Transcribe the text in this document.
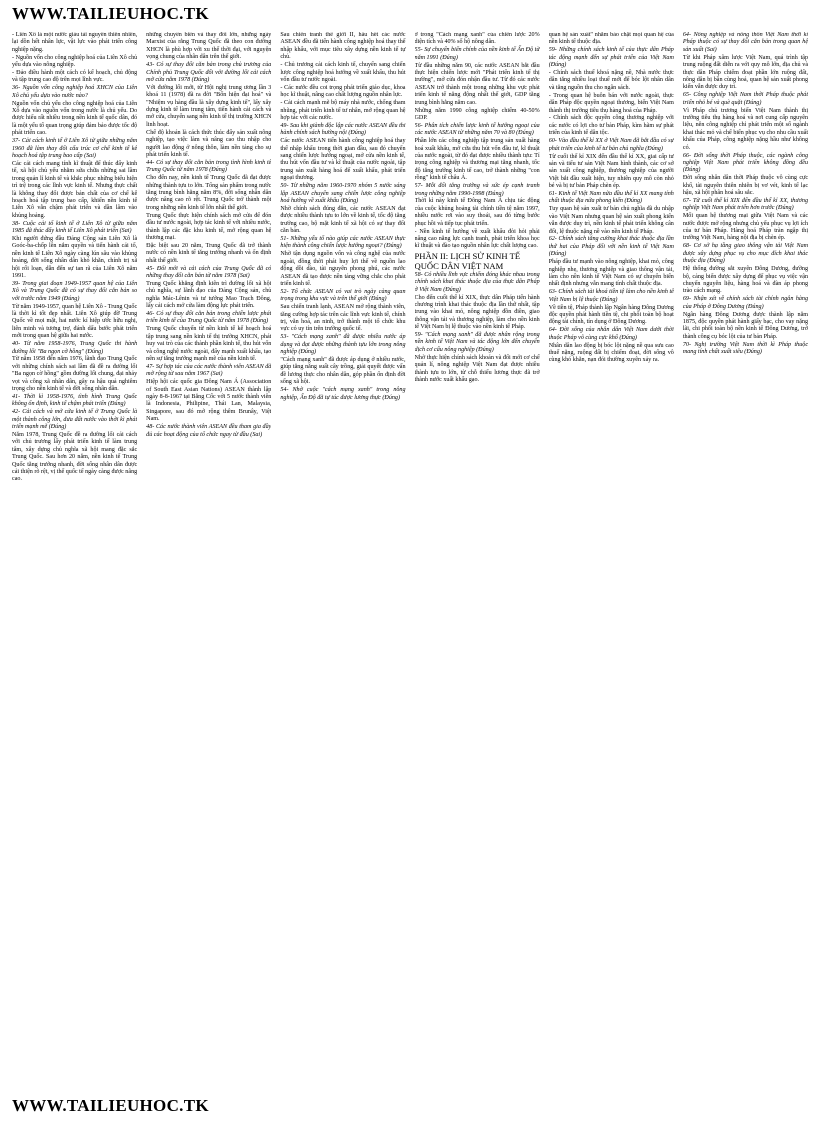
WWW.TAILIEUHOC.TK

- Liên Xô là một nước giàu tài nguyên thiên nhiên, lại dồn hết nhân lực, vật lực vào phát triển công nghiệp nặng.

- Nguồn vốn cho công nghiệp hoá của Liên Xô chủ yếu dựa vào nông nghiệp.

- Đảo điều hành một cách có kế hoạch, chủ động và tập trung cao độ trên mọi lĩnh vực.

36- Nguồn vốn công nghiệp hoá XHCN của Liên Xô chủ yếu dựa vào nước nào?

Nguồn vốn chủ yếu cho công nghiệp hoá của Liên Xô dựa vào nguồn vốn trong nước là chủ yếu. Do được hiểu rất nhiều trong nền kinh tế quốc dân, đó là một yếu tố quan trọng giúp đảm bảo được tốc độ phát triển cao.

37- Cải cách kinh tế ở Liên Xô từ giữa những năm 1960 đã làm thay đổi cấu trúc cơ chế kinh tế kế hoạch hoá tập trung bao cấp (Sai)

Các cải cách mang tính kĩ thuật để thúc đẩy kinh tế, xã hội chủ yếu nhằm sửa chữa những sai lầm trong quản lí kinh tế và khắc phục những biểu hiện trì trệ trong các lĩnh vực kinh tế. Nhưng thực chất là không thay đổi được bản chất của cơ chế kế hoạch hoá tập trung bao cấp, khiến nền kinh tế Liên Xô vẫn chậm phát triển và dần lâm vào khủng hoảng.

38- Cuộc cải tổ kinh tế ở Liên Xô từ giữa năm 1985 đã thúc đẩy kinh tế Liên Xô phát triển (Sai)

Khi người đứng đầu Đảng Cộng sản Liên Xô là Goóc-ba-chốp lên nắm quyền và tiến hành cải tổ, nền kinh tế Liên Xô ngày càng lún sâu vào khủng hoảng, đời sống nhân dân khó khăn, chính trị xã hội rối loạn, dẫn đến sự tan rã của Liên Xô năm 1991.

39- Trong giai đoạn 1949-1957 quan hệ của Liên Xô và Trung Quốc đã có sự thay đổi căn bản so với trước năm 1949 (Đúng)

Từ năm 1949-1957, quan hệ Liên Xô - Trung Quốc là thời kì tốt đẹp nhất. Liên Xô giúp đỡ Trung Quốc về mọi mặt, hai nước kí hiệp ước hữu nghị, liên minh và tương trợ, đánh dấu bước phát triển mới trong quan hệ giữa hai nước.

40- Từ năm 1958-1976, Trung Quốc thi hành đường lối "Ba ngọn cờ hồng" (Đúng)

Từ năm 1958 đến năm 1976, lãnh đạo Trung Quốc với những chính sách sai lầm đã đề ra đường lối "Ba ngọn cờ hồng" gồm đường lối chung, đại nhảy vọt và công xã nhân dân, gây ra hậu quả nghiêm trọng cho nền kinh tế và đời sống nhân dân.

41- Thời kì 1958-1976, tình hình Trung Quốc không ổn định, kinh tế chậm phát triển (Đúng)

42- Cải cách và mở cửa kinh tế ở Trung Quốc là một thành công lớn, đưa đất nước vào thời kì phát triển mạnh mẽ (Đúng)

Năm 1978, Trung Quốc đề ra đường lối cải cách với chủ trương lấy phát triển kinh tế làm trung tâm, xây dựng chủ nghĩa xã hội mang đặc sắc Trung Quốc. Sau hơn 20 năm, nền kinh tế Trung Quốc tăng trưởng nhanh, đời sống nhân dân được cải thiện rõ rệt, vị thế quốc tế ngày càng được nâng cao.

những chuyển biến và thay đổi lớn, những ngày Marxist của rằng Trung Quốc đã theo con đường XHCN là phù hợp với xu thế thời đại, với nguyện vọng chung của nhân dân trên thế giới.

43- Có sự thay đổi căn bản trong chủ trương của Chính phủ Trung Quốc đối với đường lối cải cách mở cửa năm 1978 (Đúng)

Với đường lối mới, từ Hội nghị trung ương lần 3 khoá 11 (1978) đã ra đời "Bốn hiện đại hoá" và "Nhiệm vụ hàng đầu là xây dựng kinh tế", lấy xây dựng kinh tế làm trung tâm, tiến hành cải cách và mở cửa, chuyển sang nền kinh tế thị trường XHCN linh hoạt.

Chế độ khoán là cách thức thúc đẩy sản xuất nông nghiệp, tạo việc làm và nâng cao thu nhập cho người lao động ở nông thôn, làm nền tảng cho sự phát triển kinh tế.

44- Có sự thay đổi căn bản trong tình hình kinh tế Trung Quốc từ năm 1978 (Đúng)

Cho đến nay, nền kinh tế Trung Quốc đã đạt được những thành tựu to lớn. Tổng sản phẩm trong nước tăng trung bình hằng năm 8%, đời sống nhân dân được nâng cao rõ rệt. Trung Quốc trở thành một trong những nền kinh tế lớn nhất thế giới.

Trung Quốc thực hiện chính sách mở cửa để đón đầu tư nước ngoài, hợp tác kinh tế với nhiều nước, thành lập các đặc khu kinh tế, mở rộng quan hệ thương mại.

Đặc biệt sau 20 năm, Trung Quốc đã trở thành nước có nền kinh tế tăng trưởng nhanh và ổn định nhất thế giới.

45- Đổi mới và cải cách của Trung Quốc đã có những thay đổi căn bản từ năm 1978 (Sai)

Trung Quốc khẳng định kiên trì đường lối xã hội chủ nghĩa, sự lãnh đạo của Đảng Cộng sản, chủ nghĩa Mác-Lênin và tư tưởng Mao Trạch Đông, lấy cải cách mở cửa làm động lực phát triển.

46- Có sự thay đổi căn bản trong chiến lược phát triển kinh tế của Trung Quốc từ năm 1978 (Đúng)

Trung Quốc chuyển từ nền kinh tế kế hoạch hoá tập trung sang nền kinh tế thị trường XHCN, phát huy vai trò của các thành phần kinh tế, thu hút vốn và công nghệ nước ngoài, đẩy mạnh xuất khẩu, tạo nên sự tăng trưởng mạnh mẽ của nền kinh tế.

47- Sự hợp tác của các nước thành viên ASEAN đã mở rộng từ sau năm 1967 (Sai)

Hiệp hội các quốc gia Đông Nam Á (Association of South East Asian Nations) ASEAN thành lập ngày 8-8-1967 tại Băng Cốc với 5 nước thành viên là Indonesia, Philipine, Thái Lan, Malaysia, Singapore, sau đó mở rộng thêm Brunây, Việt Nam.

48- Các nước thành viên ASEAN đều tham gia đầy đủ các hoạt động của tổ chức ngay từ đầu (Sai)

Sau chiến tranh thế giới II, hầu hết các nước ASEAN đều đã tiến hành công nghiệp hoá thay thế nhập khẩu, với mục tiêu xây dựng nền kinh tế tự chủ.

- Chủ trương cải cách kinh tế, chuyển sang chiến lược công nghiệp hoá hướng về xuất khẩu, thu hút vốn đầu tư nước ngoài.

- Các nước đều coi trọng phát triển giáo dục, khoa học kĩ thuật, nâng cao chất lượng nguồn nhân lực.

- Cải cách mạnh mẽ bộ máy nhà nước, chống tham nhũng, phát triển kinh tế tư nhân, mở rộng quan hệ hợp tác với các nước.

49- Sau khi giành độc lập các nước ASEAN đều thi hành chính sách hướng nội (Đúng)

Các nước ASEAN tiến hành công nghiệp hoá thay thế nhập khẩu trong thời gian đầu, sau đó chuyển sang chiến lược hướng ngoại, mở cửa nền kinh tế, thu hút vốn đầu tư và kĩ thuật của nước ngoài, tập trung sản xuất hàng hoá để xuất khẩu, phát triển ngoại thương.

50- Từ những năm 1960-1970 nhóm 5 nước sáng lập ASEAN chuyển sang chiến lược công nghiệp hoá hướng về xuất khẩu (Đúng)

Nhờ chính sách đúng đắn, các nước ASEAN đạt được nhiều thành tựu to lớn về kinh tế, tốc độ tăng trưởng cao, bộ mặt kinh tế xã hội có sự thay đổi căn bản.

51- Những yếu tố nào giúp các nước ASEAN thực hiện thành công chiến lược hướng ngoại? (Đúng)

Nhờ tận dụng nguồn vốn và công nghệ của nước ngoài, đồng thời phát huy lợi thế về nguồn lao động dồi dào, tài nguyên phong phú, các nước ASEAN đã tạo được nền tảng vững chắc cho phát triển kinh tế.

52- Tổ chức ASEAN có vai trò ngày càng quan trọng trong khu vực và trên thế giới (Đúng)

Sau chiến tranh lạnh, ASEAN mở rộng thành viên, tăng cường hợp tác trên các lĩnh vực kinh tế, chính trị, văn hoá, an ninh, trở thành một tổ chức khu vực có uy tín trên trường quốc tế.

53- "Cách mạng xanh" đã được nhiều nước áp dụng và đạt được những thành tựu lớn trong nông nghiệp (Đúng)

"Cách mạng xanh" đã được áp dụng ở nhiều nước, giúp tăng năng suất cây trồng, giải quyết được vấn đề lương thực cho nhân dân, góp phần ổn định đời sống xã hội.

54- Nhờ cuộc "cách mạng xanh" trong nông nghiệp, Ấn Độ đã tự túc được lương thực (Đúng)

ở trong "Cách mạng xanh" của chiến lược 20% diện tích và 40% số hộ nông dân.

55- Sự chuyển biến chính của nền kinh tế Ấn Độ từ năm 1991 (Đúng)

Từ đầu những năm 90, các nước ASEAN bắt đầu thực hiện chiến lược mới "Phát triển kinh tế thị trường", mở cửa đón nhận đầu tư. Từ đó các nước ASEAN trở thành một trong những khu vực phát triển kinh tế năng động nhất thế giới, GDP tăng trung bình hằng năm cao.

Những năm 1990 công nghiệp chiếm 40-50% GDP.

56- Phân tích chiến lược kinh tế hướng ngoại của các nước ASEAN từ những năm 70 và 80 (Đúng)

Phần lớn các công nghiệp tập trung sản xuất hàng hoá xuất khẩu, mở cửa thu hút vốn đầu tư, kĩ thuật của nước ngoài, từ đó đạt được nhiều thành tựu: Tỉ trọng công nghiệp và thương mại tăng nhanh, tốc độ tăng trưởng kinh tế cao, trở thành những "con rồng" kinh tế châu Á.

57- Mỗi đổi tăng trưởng và sức ép cạnh tranh trong những năm 1990-1998 (Đúng)

Thời kì này kinh tế Đông Nam Á chịu tác động của cuộc khủng hoảng tài chính tiền tệ năm 1997, nhiều nước rơi vào suy thoái, sau đó từng bước phục hồi và tiếp tục phát triển.

- Nền kinh tế hướng về xuất khẩu đòi hỏi phải nâng cao năng lực cạnh tranh, phát triển khoa học kĩ thuật và đào tạo nguồn nhân lực chất lượng cao.

PHẦN II: LỊCH SỬ KINH TẾ QUỐC DÂN VIỆT NAM

58- Có nhiều lĩnh vực chiếm đóng khác nhau trong chính sách khai thác thuộc địa của thực dân Pháp ở Việt Nam (Đúng)

Cho đến cuối thế kỉ XIX, thực dân Pháp tiến hành chương trình khai thác thuộc địa lần thứ nhất, tập trung vào khai mỏ, nông nghiệp đồn điền, giao thông vận tải và thương nghiệp, làm cho nền kinh tế Việt Nam bị lệ thuộc vào nền kinh tế Pháp.

59- "Cách mạng xanh" đã được nhân rộng trong nền kinh tế Việt Nam và tác động lớn đến chuyển dịch cơ cấu nông nghiệp (Đúng)

Nhờ thực hiện chính sách khoán và đổi mới cơ chế quản lí, nông nghiệp Việt Nam đạt được nhiều thành tựu to lớn, từ chỗ thiếu lương thực đã trở thành nước xuất khẩu gạo.

quan hệ sản xuất" nhằm bảo chặt mọi quan hệ của nền kinh tế thuộc địa.

59- Những chính sách kinh tế của thực dân Pháp tác động mạnh đến sự phát triển của Việt Nam (Đúng)

- Chính sách thuế khoá nặng nề, Nhà nước thực dân tăng nhiều loại thuế mới để bóc lột nhân dân và tăng nguồn thu cho ngân sách.

- Trong quan hệ buôn bán với nước ngoài, thực dân Pháp độc quyền ngoại thương, biến Việt Nam thành thị trường tiêu thụ hàng hoá của Pháp.

- Chính sách độc quyền công thương nghiệp với các nước có lợi cho tư bản Pháp, kìm hãm sự phát triển của kinh tế dân tộc.

60- Vào đầu thế kỉ XX ở Việt Nam đã bắt đầu có sự phát triển của kinh tế tư bản chủ nghĩa (Đúng)

Từ cuối thế kỉ XIX đến đầu thế kỉ XX, giai cấp tư sản và tiểu tư sản Việt Nam hình thành, các cơ sở sản xuất công nghiệp, thương nghiệp của người Việt bắt đầu xuất hiện, tuy nhiên quy mô còn nhỏ bé và bị tư bản Pháp chèn ép.

61- Kinh tế Việt Nam nửa đầu thế kỉ XX mang tính chất thuộc địa nửa phong kiến (Đúng)

Tuy quan hệ sản xuất tư bản chủ nghĩa đã du nhập vào Việt Nam nhưng quan hệ sản xuất phong kiến vẫn được duy trì, nền kinh tế phát triển không cân đối, lệ thuộc nặng nề vào nền kinh tế Pháp.

62- Chính sách tăng cường khai thác thuộc địa lần thứ hai của Pháp đối với nền kinh tế Việt Nam (Đúng)

Pháp đầu tư mạnh vào nông nghiệp, khai mỏ, công nghiệp nhẹ, thương nghiệp và giao thông vận tải, làm cho nền kinh tế Việt Nam có sự chuyển biến nhất định nhưng vẫn mang tính chất thuộc địa.

63- Chính sách tài khoá tiền tệ làm cho nền kinh tế Việt Nam bị lệ thuộc (Đúng)

Về tiền tệ, Pháp thành lập Ngân hàng Đông Dương độc quyền phát hành tiền tệ, chi phối toàn bộ hoạt động tài chính, tín dụng ở Đông Dương.

64- Đời sống của nhân dân Việt Nam dưới thời thuộc Pháp vô cùng cực khổ (Đúng)

Nhân dân lao động bị bóc lột nặng nề qua sưu cao thuế nặng, ruộng đất bị chiếm đoạt, đời sống vô cùng khó khăn, nạn đói thường xuyên xảy ra.

64- Nông nghiệp và nông thôn Việt Nam thời kì Pháp thuộc có sự thay đổi căn bản trong quan hệ sản xuất (Sai)

Từ khi Pháp xâm lược Việt Nam, quá trình tập trung ruộng đất diễn ra với quy mô lớn, địa chủ và thực dân Pháp chiếm đoạt phần lớn ruộng đất, nông dân bị bần cùng hoá, quan hệ sản xuất phong kiến vẫn được duy trì.

65- Công nghiệp Việt Nam thời Pháp thuộc phát triển nhỏ bé và què quặt (Đúng)

Vì Pháp chủ trương biến Việt Nam thành thị trường tiêu thụ hàng hoá và nơi cung cấp nguyên liệu, nên công nghiệp chỉ phát triển một số ngành khai thác mỏ và chế biến phục vụ cho nhu cầu xuất khẩu của Pháp, công nghiệp nặng hầu như không có.

66- Đời sống thời Pháp thuộc, các ngành công nghiệp Việt Nam phát triển không đồng đều (Đúng)

Đời sống nhân dân thời Pháp thuộc vô cùng cực khổ, tài nguyên thiên nhiên bị vơ vét, kinh tế lạc hậu, xã hội phân hoá sâu sắc.

67- Từ cuối thế kỉ XIX đến đầu thế kỉ XX, thương nghiệp Việt Nam phát triển hơn trước (Đúng)

Mối quan hệ thương mại giữa Việt Nam và các nước được mở rộng nhưng chủ yếu phục vụ lợi ích của tư bản Pháp. Hàng hoá Pháp tràn ngập thị trường Việt Nam, hàng nội địa bị chèn ép.

68- Cơ sở hạ tầng giao thông vận tải Việt Nam được xây dựng phục vụ cho mục đích khai thác thuộc địa (Đúng)

Hệ thống đường sắt xuyên Đông Dương, đường bộ, cảng biển được xây dựng để phục vụ việc vận chuyển nguyên liệu, hàng hoá và đàn áp phong trào cách mạng.

69- Nhận xét về chính sách tài chính ngân hàng của Pháp ở Đông Dương (Đúng)

Ngân hàng Đông Dương được thành lập năm 1875, độc quyền phát hành giấy bạc, cho vay nặng lãi, chi phối toàn bộ nền kinh tế Đông Dương, trở thành công cụ bóc lột của tư bản Pháp.

70- Nghị trường Việt Nam thời kì Pháp thuộc mang tính chất xuất siêu (Đúng)

WWW.TAILIEUHOC.TK
